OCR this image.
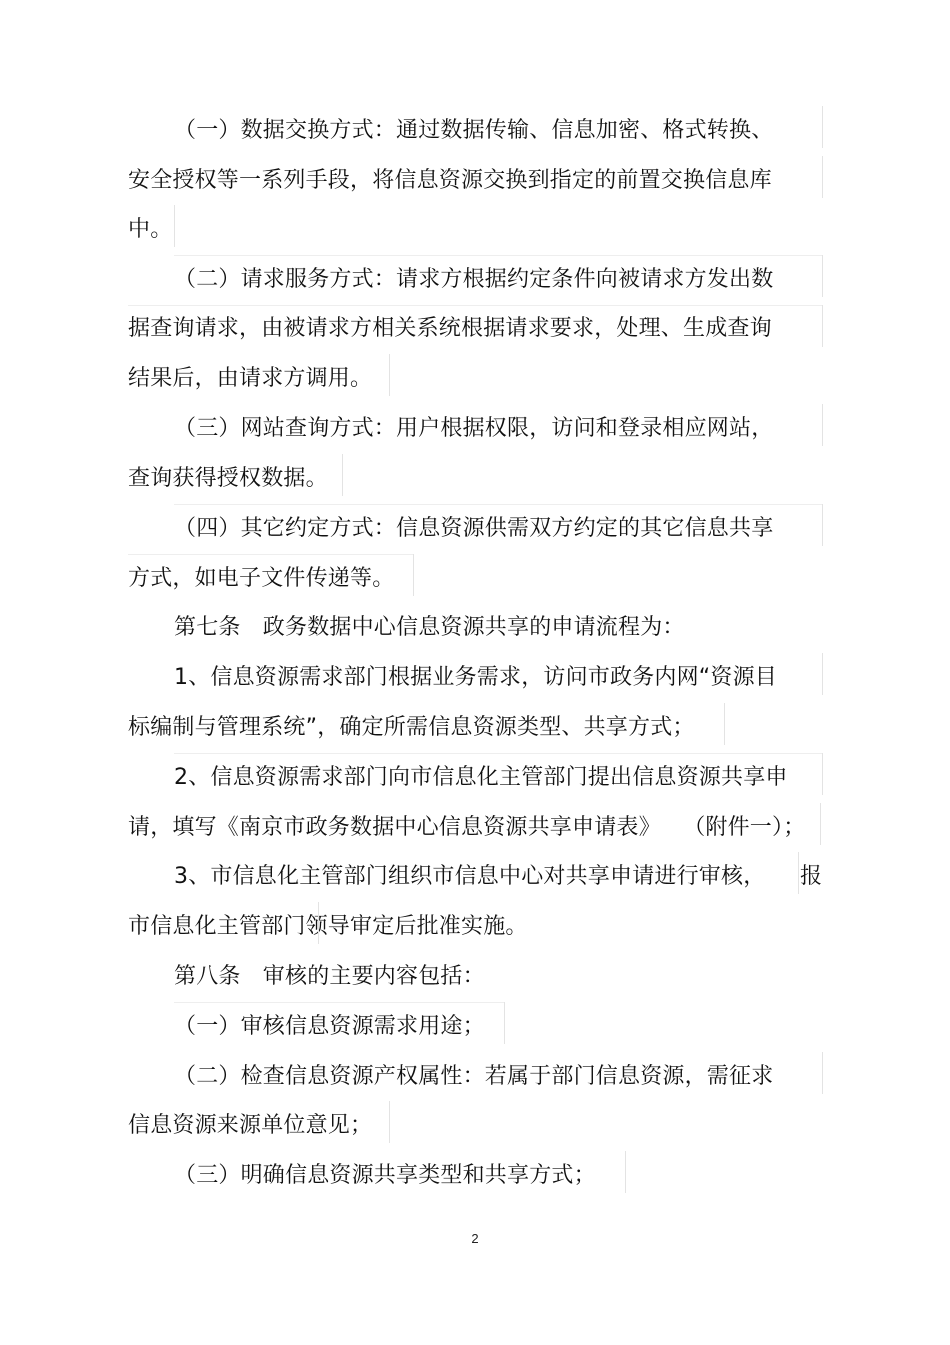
（一）数据交换方式：通过数据传输、信息加密、格式转换、
安全授权等一系列手段，将信息资源交换到指定的前置交换信息库
中。
（二）请求服务方式：请求方根据约定条件向被请求方发出数
据查询请求，由被请求方相关系统根据请求要求，处理、生成查询
结果后，由请求方调用。
（三）网站查询方式：用户根据权限，访问和登录相应网站，
查询获得授权数据。
（四）其它约定方式：信息资源供需双方约定的其它信息共享
方式，如电子文件传递等。
第七条　政务数据中心信息资源共享的申请流程为：
1、信息资源需求部门根据业务需求，访问市政务内网“资源目
标编制与管理系统”，确定所需信息资源类型、共享方式；
2、信息资源需求部门向市信息化主管部门提出信息资源共享申
请，填写《南京市政务数据中心信息资源共享申请表》　　（附件一）；
3、市信息化主管部门组织市信息中心对共享申请进行审核， 报
市信息化主管部门领导审定后批准实施。
第八条　审核的主要内容包括：
（一）审核信息资源需求用途；
（二）检查信息资源产权属性：若属于部门信息资源，需征求
信息资源来源单位意见；
（三）明确信息资源共享类型和共享方式；
2
